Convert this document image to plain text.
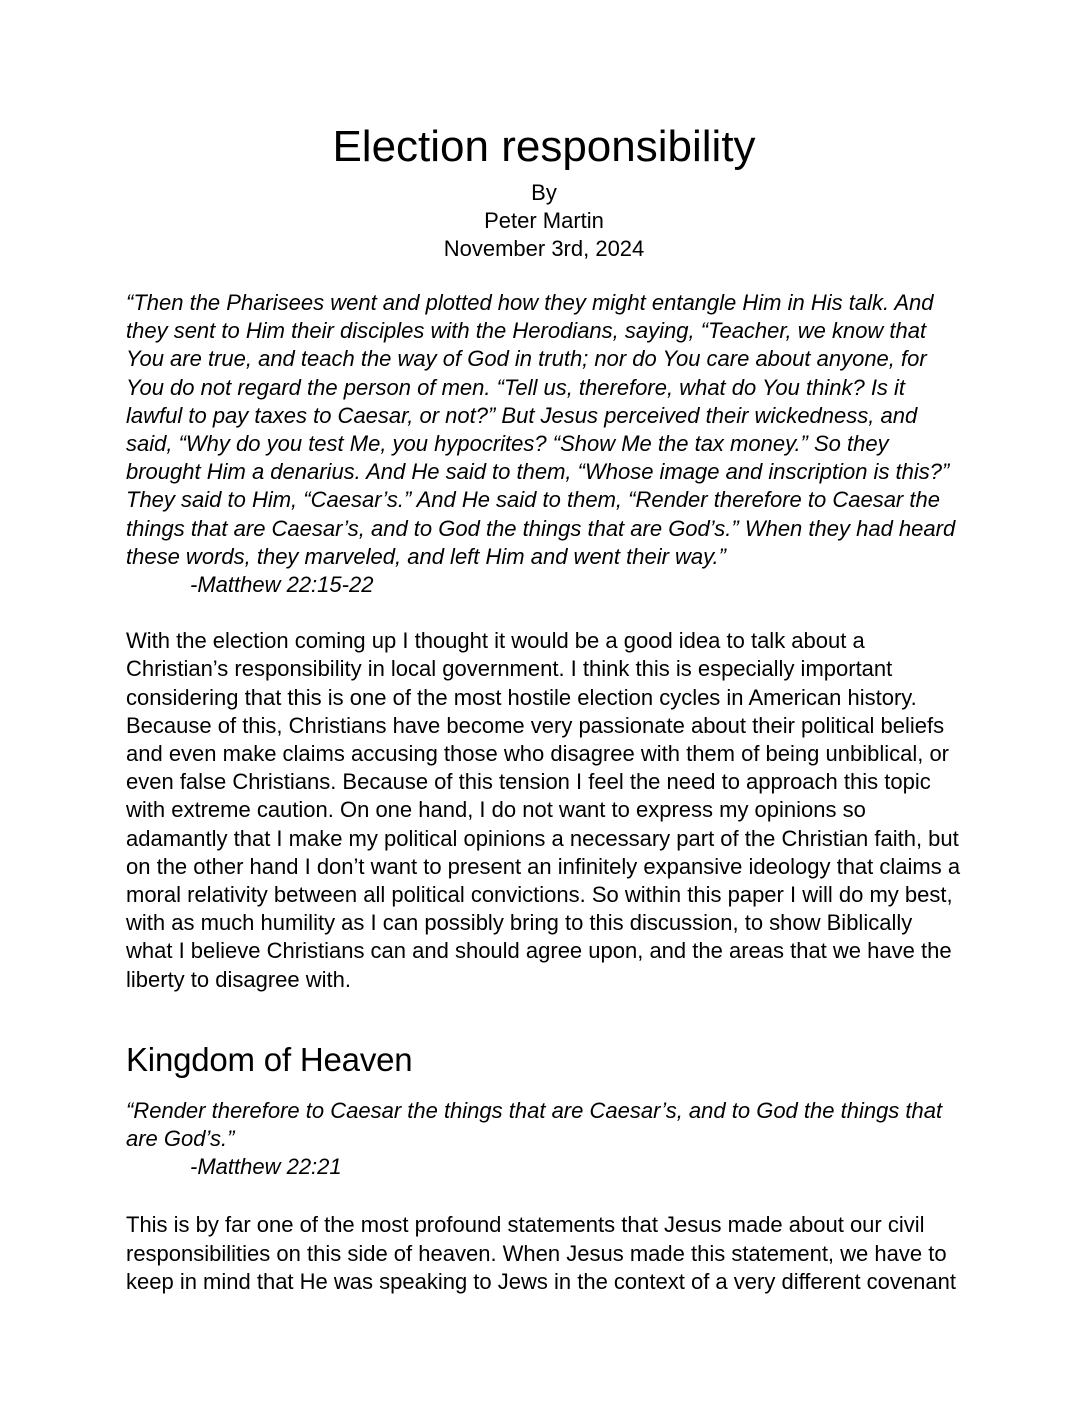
Election responsibility
By
Peter Martin
November 3rd, 2024

“Then the Pharisees went and plotted how they might entangle Him in His talk. And they sent to Him their disciples with the Herodians, saying, “Teacher, we know that You are true, and teach the way of God in truth; nor do You care about anyone, for You do not regard the person of men. “Tell us, therefore, what do You think? Is it lawful to pay taxes to Caesar, or not?” But Jesus perceived their wickedness, and said, “Why do you test Me, you hypocrites? “Show Me the tax money.” So they brought Him a denarius. And He said to them, “Whose image and inscription is this?” They said to Him, “Caesar’s.” And He said to them, “Render therefore to Caesar the things that are Caesar’s, and to God the things that are God’s.” When they had heard these words, they marveled, and left Him and went their way.”

-Matthew 22:15-22

With the election coming up I thought it would be a good idea to talk about a Christian’s responsibility in local government. I think this is especially important considering that this is one of the most hostile election cycles in American history. Because of this, Christians have become very passionate about their political beliefs and even make claims accusing those who disagree with them of being unbiblical, or even false Christians. Because of this tension I feel the need to approach this topic with extreme caution. On one hand, I do not want to express my opinions so adamantly that I make my political opinions a necessary part of the Christian faith, but on the other hand I don’t want to present an infinitely expansive ideology that claims a moral relativity between all political convictions. So within this paper I will do my best, with as much humility as I can possibly bring to this discussion, to show Biblically what I believe Christians can and should agree upon, and the areas that we have the liberty to disagree with.

Kingdom of Heaven

“Render therefore to Caesar the things that are Caesar’s, and to God the things that are God’s.”

-Matthew 22:21

This is by far one of the most profound statements that Jesus made about our civil responsibilities on this side of heaven. When Jesus made this statement, we have to keep in mind that He was speaking to Jews in the context of a very different covenant
